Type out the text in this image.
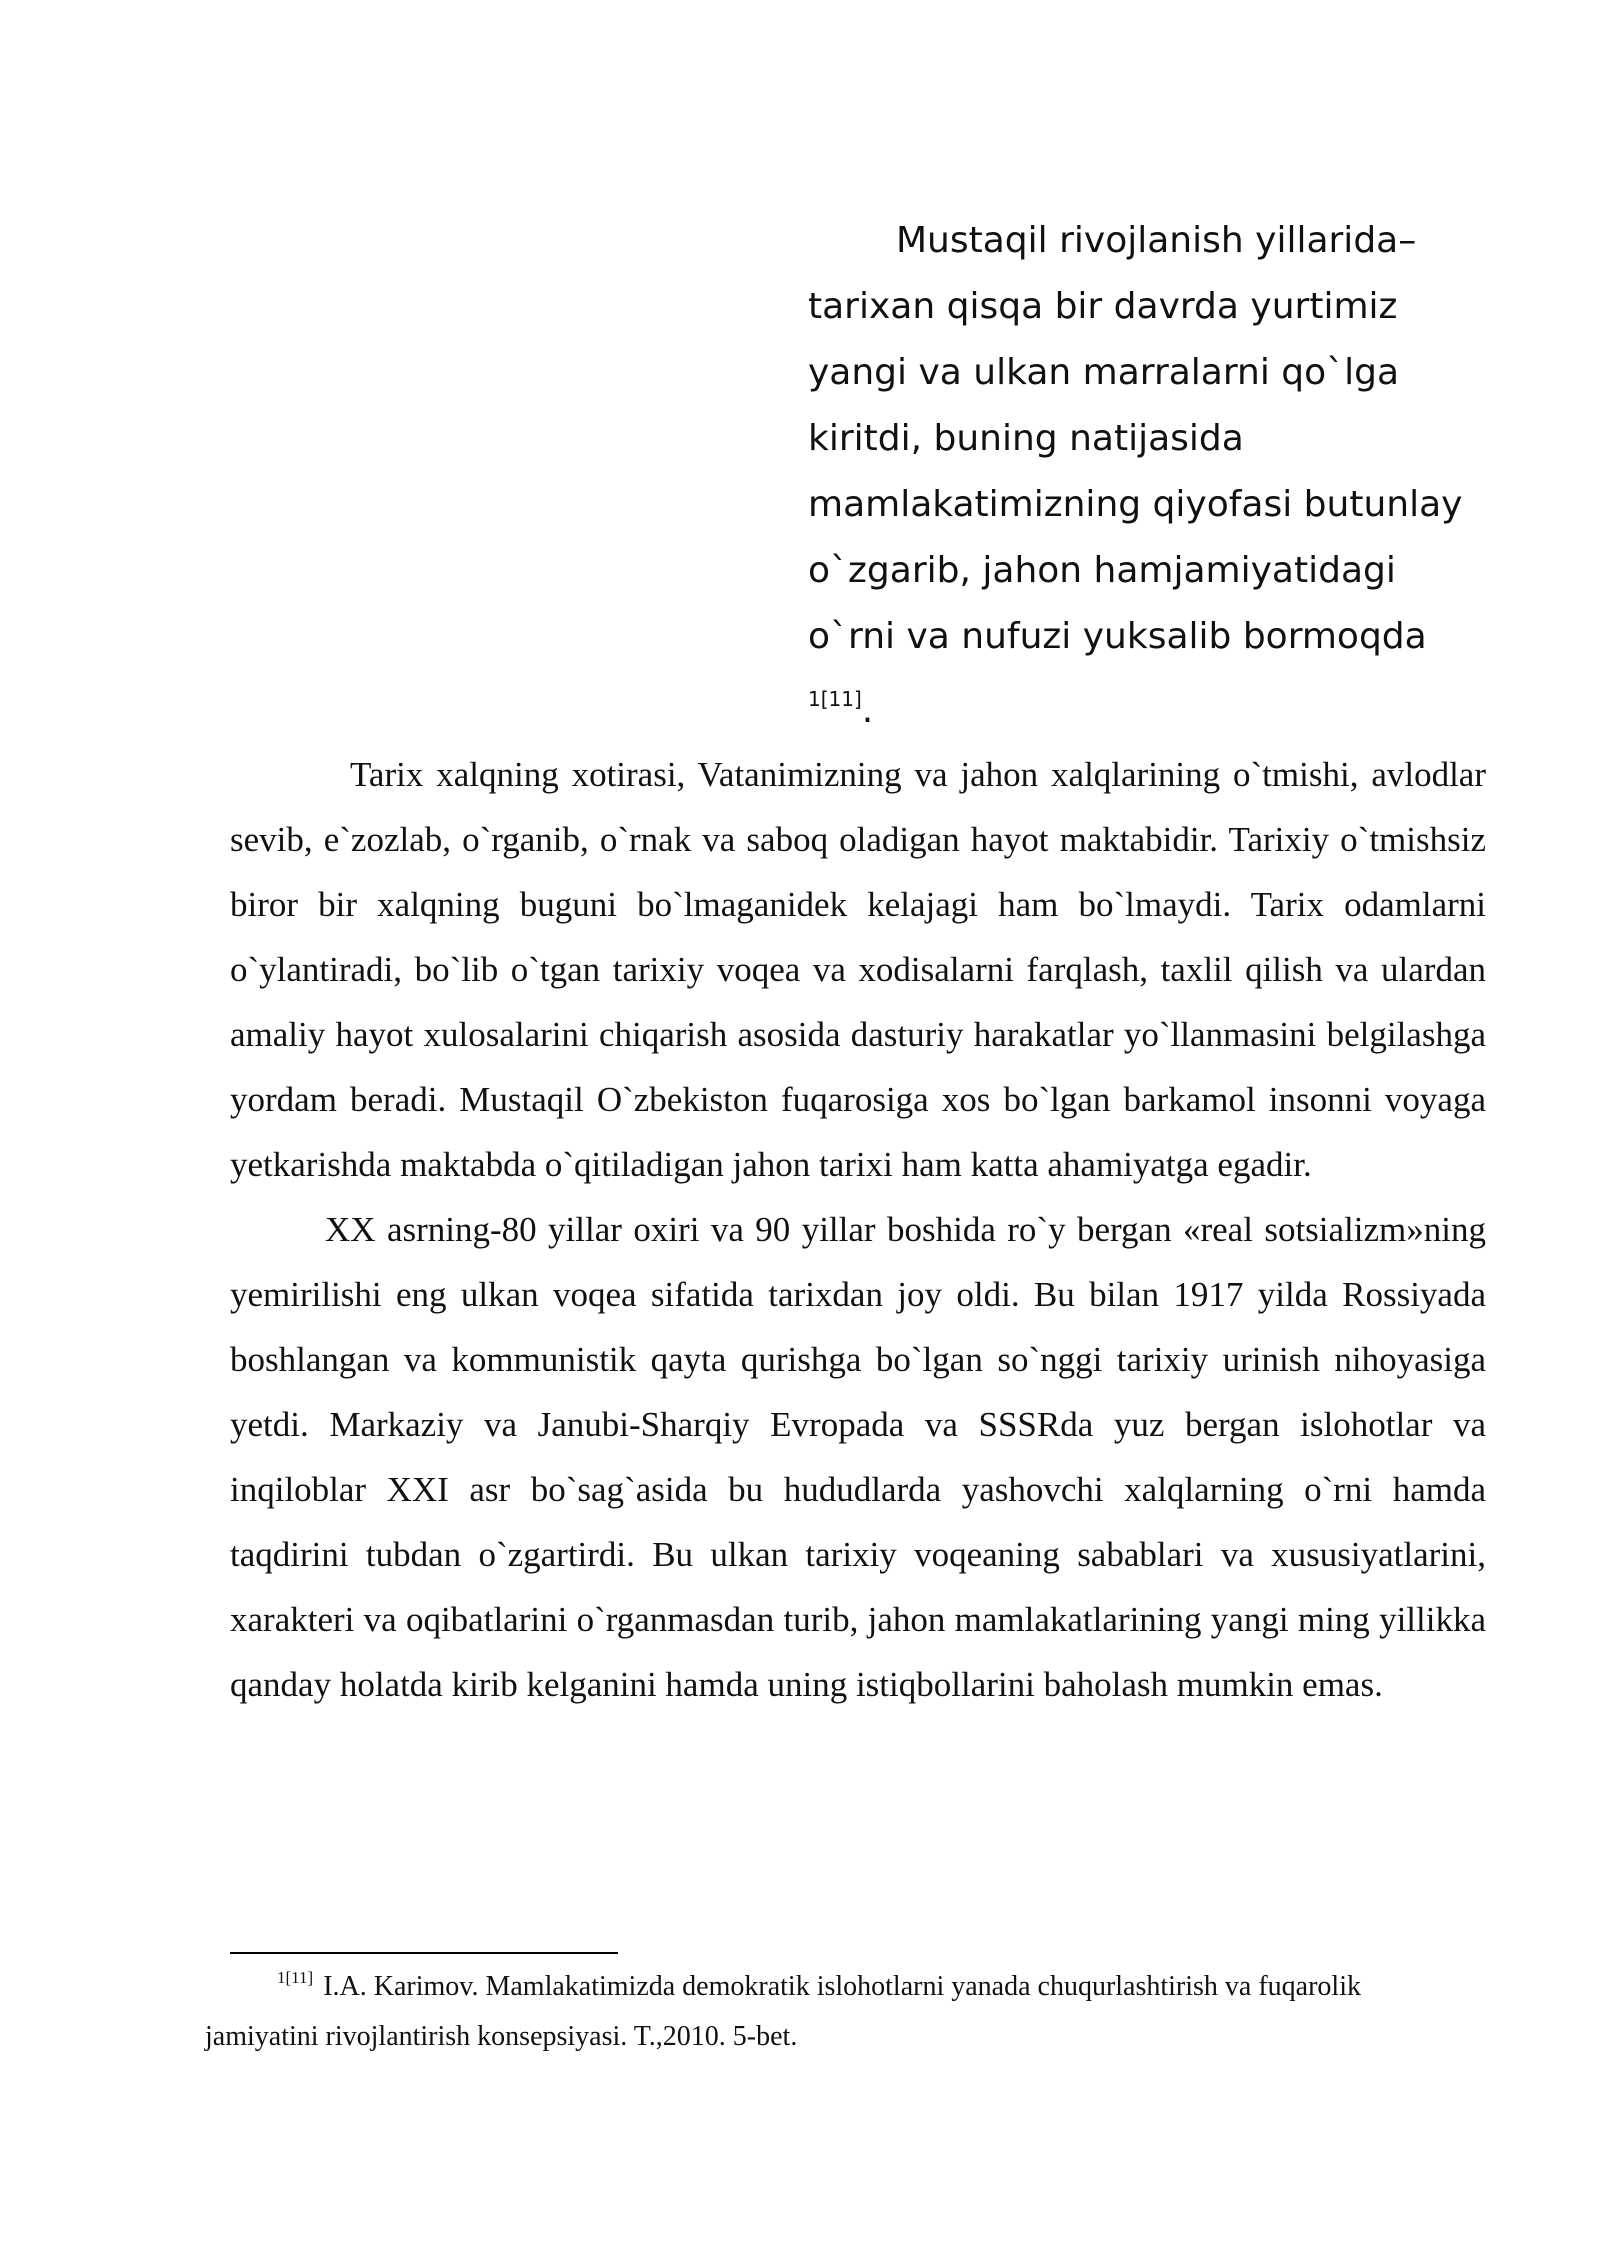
Mustaqil rivojlanish yillarida–
tarixan qisqa bir davrda yurtimiz
yangi va ulkan marralarni qo`lga
kiritdi, buning natijasida
mamlakatimizning qiyofasi butunlay
o`zgarib, jahon hamjamiyatidagi
o`rni va nufuzi yuksalib bormoqda
1[11].

Tarix xalqning xotirasi, Vatanimizning va jahon xalqlarining o`tmishi, avlodlar sevib, e`zozlab, o`rganib, o`rnak va saboq oladigan hayot maktabidir. Tarixiy o`tmishsiz biror bir xalqning buguni bo`lmaganidek kelajagi ham bo`lmaydi. Tarix odamlarni o`ylantiradi, bo`lib o`tgan tarixiy voqea va xodisalarni farqlash, taxlil qilish va ulardan amaliy hayot xulosalarini chiqarish asosida dasturiy harakatlar yo`llanmasini belgilashga yordam beradi. Mustaqil O`zbekiston fuqarosiga xos bo`lgan barkamol insonni voyaga yetkarishda maktabda o`qitiladigan jahon tarixi ham katta ahamiyatga egadir.

XX asrning-80 yillar oxiri va 90 yillar boshida ro`y bergan «real sotsializm»ning yemirilishi eng ulkan voqea sifatida tarixdan joy oldi. Bu bilan 1917 yilda Rossiyada boshlangan va kommunistik qayta qurishga bo`lgan so`nggi tarixiy urinish nihoyasiga yetdi. Markaziy va Janubi-Sharqiy Evropada va SSSRda yuz bergan islohotlar va inqiloblar XXI asr bo`sag`asida bu hududlarda yashovchi xalqlarning o`rni hamda taqdirini tubdan o`zgartirdi. Bu ulkan tarixiy voqeaning sabablari va xususiyatlarini, xarakteri va oqibatlarini o`rganmasdan turib, jahon mamlakatlarining yangi ming yillikka qanday holatda kirib kelganini hamda uning istiqbollarini baholash mumkin emas.

$^{1[11]}$ I.A. Karimov. Mamlakatimizda demokratik islohotlarni yanada chuqurlashtirish va fuqarolik jamiyatini rivojlantirish konsepsiyasi. T.,2010. 5-bet.
